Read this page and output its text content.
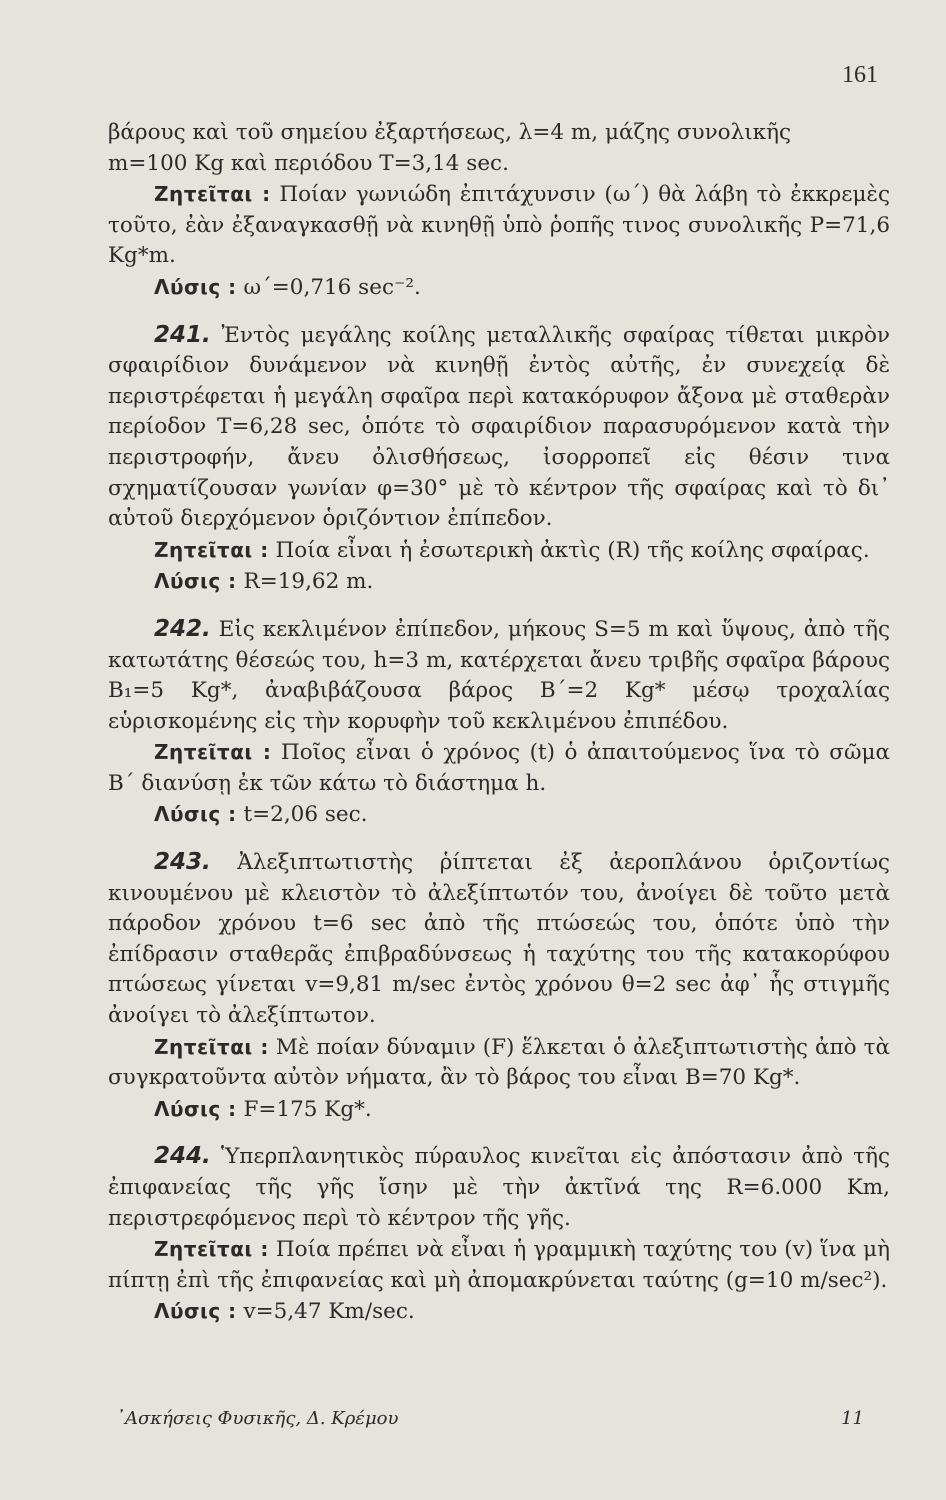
161

βάρους καὶ τοῦ σημείου ἐξαρτήσεως, λ=4 m, μάζης συνολικῆς

m=100 Kg καὶ περιόδου T=3,14 sec.

Ζητεῖται : Ποίαν γωνιώδη ἐπιτάχυνσιν (ω΄) θὰ λάβη τὸ ἐκκρεμὲς τοῦτο, ἐὰν ἐξαναγκασθῇ νὰ κινηθῇ ὑπὸ ῥοπῆς τινος συνολικῆς P=71,6 Kg*m.

Λύσις : ω΄=0,716 sec⁻².

241. Ἐντὸς μεγάλης κοίλης μεταλλικῆς σφαίρας τίθεται μικρὸν σφαιρίδιον δυνάμενον νὰ κινηθῇ ἐντὸς αὐτῆς, ἐν συνεχείᾳ δὲ περιστρέφεται ἡ μεγάλη σφαῖρα περὶ κατακόρυφον ἄξονα μὲ σταθερὰν περίοδον T=6,28 sec, ὁπότε τὸ σφαιρίδιον παρασυρόμενον κατὰ τὴν περιστροφήν, ἄνευ ὀλισθήσεως, ἰσορροπεῖ εἰς θέσιν τινα σχηματίζουσαν γωνίαν φ=30° μὲ τὸ κέντρον τῆς σφαίρας καὶ τὸ δι᾽ αὐτοῦ διερχόμενον ὁριζόντιον ἐπίπεδον.

Ζητεῖται : Ποία εἶναι ἡ ἐσωτερικὴ ἀκτὶς (R) τῆς κοίλης σφαίρας.

Λύσις : R=19,62 m.

242. Εἰς κεκλιμένον ἐπίπεδον, μήκους S=5 m καὶ ὕψους, ἀπὸ τῆς κατωτάτης θέσεώς του, h=3 m, κατέρχεται ἄνευ τριβῆς σφαῖρα βάρους B₁=5 Kg*, ἀναβιβάζουσα βάρος B΄=2 Kg* μέσῳ τροχαλίας εὑρισκομένης εἰς τὴν κορυφὴν τοῦ κεκλιμένου ἐπιπέδου.

Ζητεῖται : Ποῖος εἶναι ὁ χρόνος (t) ὁ ἀπαιτούμενος ἵνα τὸ σῶμα B΄ διανύσῃ ἐκ τῶν κάτω τὸ διάστημα h.

Λύσις : t=2,06 sec.

243. Ἀλεξιπτωτιστὴς ῥίπτεται ἐξ ἀεροπλάνου ὁριζοντίως κινουμένου μὲ κλειστὸν τὸ ἀλεξίπτωτόν του, ἀνοίγει δὲ τοῦτο μετὰ πάροδον χρόνου t=6 sec ἀπὸ τῆς πτώσεώς του, ὁπότε ὑπὸ τὴν ἐπίδρασιν σταθερᾶς ἐπιβραδύνσεως ἡ ταχύτης του τῆς κατακορύφου πτώσεως γίνεται v=9,81 m/sec ἐντὸς χρόνου θ=2 sec ἀφ᾽ ἧς στιγμῆς ἀνοίγει τὸ ἀλεξίπτωτον.

Ζητεῖται : Μὲ ποίαν δύναμιν (F) ἕλκεται ὁ ἀλεξιπτωτιστὴς ἀπὸ τὰ συγκρατοῦντα αὐτὸν νήματα, ἂν τὸ βάρος του εἶναι B=70 Kg*.

Λύσις : F=175 Kg*.

244. Ὑπερπλανητικὸς πύραυλος κινεῖται εἰς ἀπόστασιν ἀπὸ τῆς ἐπιφανείας τῆς γῆς ἴσην μὲ τὴν ἀκτῖνά της R=6.000 Km, περιστρεφόμενος περὶ τὸ κέντρον τῆς γῆς.

Ζητεῖται : Ποία πρέπει νὰ εἶναι ἡ γραμμικὴ ταχύτης του (v) ἵνα μὴ πίπτῃ ἐπὶ τῆς ἐπιφανείας καὶ μὴ ἀπομακρύνεται ταύτης (g=10 m/sec²).

Λύσις : v=5,47 Km/sec.

᾽Ασκήσεις Φυσικῆς, Δ. Κρέμου	11
